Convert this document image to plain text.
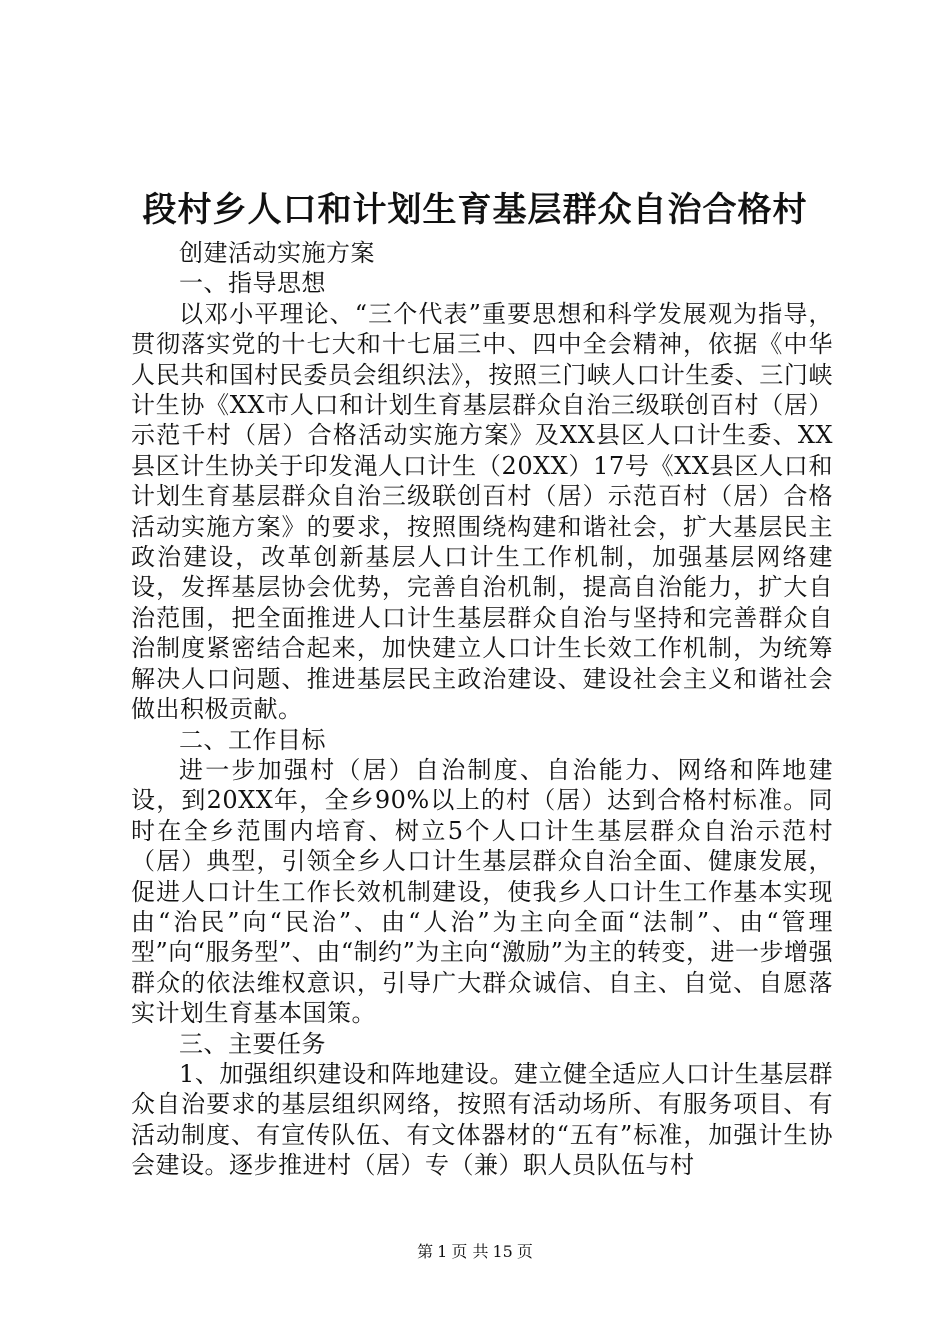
段村乡人口和计划生育基层群众自治合格村

创建活动实施方案

一、指导思想

以邓小平理论、“三个代表”重要思想和科学发展观为指导，贯彻落实党的十七大和十七届三中、四中全会精神，依据《中华人民共和国村民委员会组织法》，按照三门峡人口计生委、三门峡计生协《XX市人口和计划生育基层群众自治三级联创百村（居）示范千村（居）合格活动实施方案》及XX县区人口计生委、XX县区计生协关于印发渑人口计生（20XX）17号《XX县区人口和计划生育基层群众自治三级联创百村（居）示范百村（居）合格活动实施方案》的要求，按照围绕构建和谐社会，扩大基层民主政治建设，改革创新基层人口计生工作机制，加强基层网络建设，发挥基层协会优势，完善自治机制，提高自治能力，扩大自治范围，把全面推进人口计生基层群众自治与坚持和完善群众自治制度紧密结合起来，加快建立人口计生长效工作机制，为统筹解决人口问题、推进基层民主政治建设、建设社会主义和谐社会做出积极贡献。

二、工作目标

进一步加强村（居）自治制度、自治能力、网络和阵地建设，到20XX年，全乡90%以上的村（居）达到合格村标准。同时在全乡范围内培育、树立5个人口计生基层群众自治示范村（居）典型，引领全乡人口计生基层群众自治全面、健康发展，促进人口计生工作长效机制建设，使我乡人口计生工作基本实现由“治民”向“民治”、由“人治”为主向全面“法制”、由“管理型”向“服务型”、由“制约”为主向“激励”为主的转变，进一步增强群众的依法维权意识，引导广大群众诚信、自主、自觉、自愿落实计划生育基本国策。

三、主要任务

1、加强组织建设和阵地建设。建立健全适应人口计生基层群众自治要求的基层组织网络，按照有活动场所、有服务项目、有活动制度、有宣传队伍、有文体器材的“五有”标准，加强计生协会建设。逐步推进村（居）专（兼）职人员队伍与村

第 1 页 共 15 页
